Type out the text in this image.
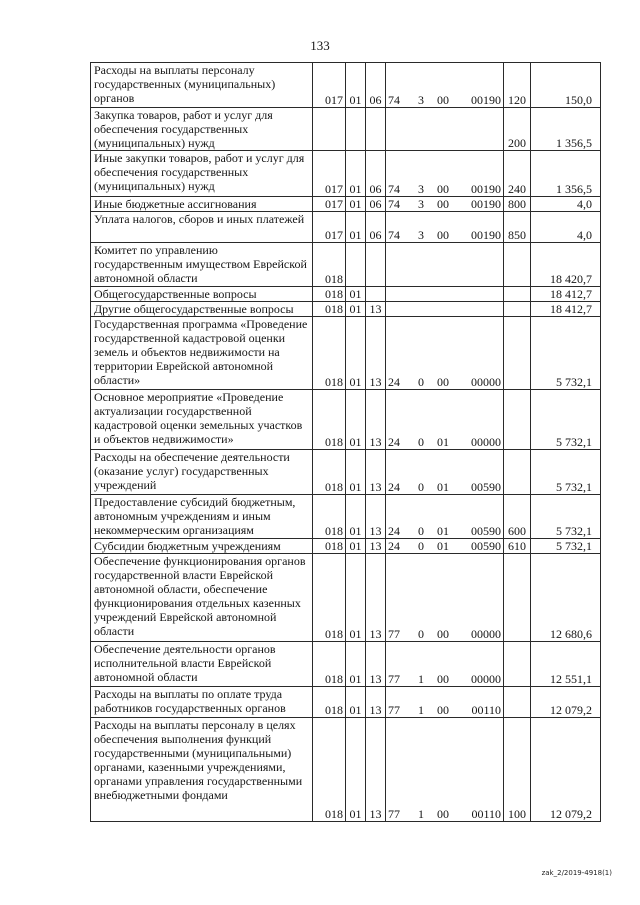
133
Расходы на выплаты персоналу государственных (муниципальных) органов	017	01	06	74 3 00 00190	120	150,0
Закупка товаров, работ и услуг для обеспечения государственных (муниципальных) нужд					200	1 356,5
Иные закупки товаров, работ и услуг для обеспечения государственных (муниципальных) нужд	017	01	06	74 3 00 00190	240	1 356,5
Иные бюджетные ассигнования	017	01	06	74 3 00 00190	800	4,0
Уплата налогов, сборов и иных платежей	017	01	06	74 3 00 00190	850	4,0
Комитет по управлению государственным имуществом Еврейской автономной области	018					18 420,7
Общегосударственные вопросы	018	01				18 412,7
Другие общегосударственные вопросы	018	01	13			18 412,7
Государственная программа «Проведение государственной кадастровой оценки земель и объектов недвижимости на территории Еврейской автономной области»	018	01	13	24 0 00 00000		5 732,1
Основное мероприятие «Проведение актуализации государственной кадастровой оценки земельных участков и объектов недвижимости»	018	01	13	24 0 01 00000		5 732,1
Расходы на обеспечение деятельности (оказание услуг) государственных учреждений	018	01	13	24 0 01 00590		5 732,1
Предоставление субсидий бюджетным, автономным учреждениям и иным некоммерческим организациям	018	01	13	24 0 01 00590	600	5 732,1
Субсидии бюджетным учреждениям	018	01	13	24 0 01 00590	610	5 732,1
Обеспечение функционирования органов государственной власти Еврейской автономной области, обеспечение функционирования отдельных казенных учреждений Еврейской автономной области	018	01	13	77 0 00 00000		12 680,6
Обеспечение деятельности органов исполнительной власти Еврейской автономной области	018	01	13	77 1 00 00000		12 551,1
Расходы на выплаты по оплате труда работников государственных органов	018	01	13	77 1 00 00110		12 079,2
Расходы на выплаты персоналу в целях обеспечения выполнения функций государственными (муниципальными) органами, казенными учреждениями, органами управления государственными внебюджетными фондами	018	01	13	77 1 00 00110	100	12 079,2
zak_2/2019-4918(1)
